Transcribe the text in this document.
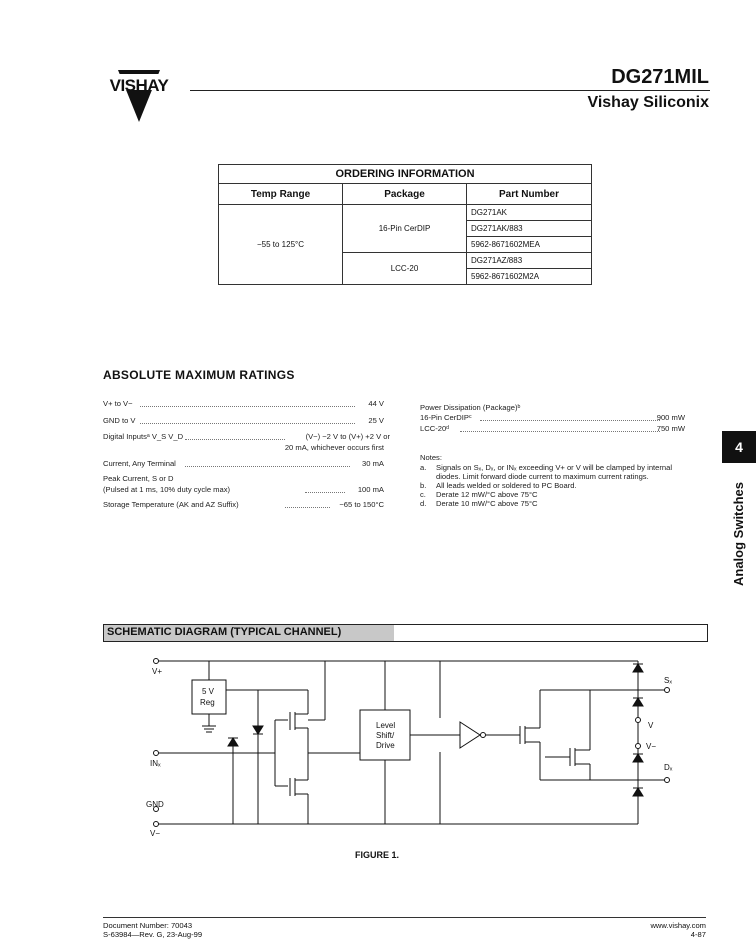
VISHAY	DG271MIL
Vishay Siliconix
ORDERING INFORMATION		
Temp Range	Package	Part Number
−55 to 125°C	16-Pin CerDIP	DG271AK
		DG271AK/883
		5962-8671602MEA
	LCC-20	DG271AZ/883
		5962-8671602M2A
ABSOLUTE MAXIMUM RATINGS
V+ to V−	44 V
GND to V	25 V
Digital Inputsᵃ V_S V_D	(V−) −2 V to (V+) +2 V or
20 mA, whichever occurs first
Current, Any Terminal	30 mA
Peak Current, S or D
(Pulsed at 1 ms, 10% duty cycle max)	100 mA
Storage Temperature (AK and AZ Suffix)	−65 to 150°C
Power Dissipation (Package)ᵇ
16-Pin CerDIPᶜ	900 mW
LCC-20ᵈ	750 mW
Notes:
a. Signals on Sₓ, Dₓ, or INₓ exceeding V+ or V will be clamped by internal
diodes. Limit forward diode current to maximum current ratings.
b. All leads welded or soldered to PC Board.
c. Derate 12 mW/°C above 75°C
d. Derate 10 mW/°C above 75°C
4
Analog Switches
SCHEMATIC DIAGRAM (TYPICAL CHANNEL)
V+
INₓ
GND
V−
5 V
Reg
Level
Shift/
Drive
Sₓ
V
V−
Dₓ
FIGURE 1.
Document Number: 70043
S-63984—Rev. G, 23-Aug-99
www.vishay.com
4-87
